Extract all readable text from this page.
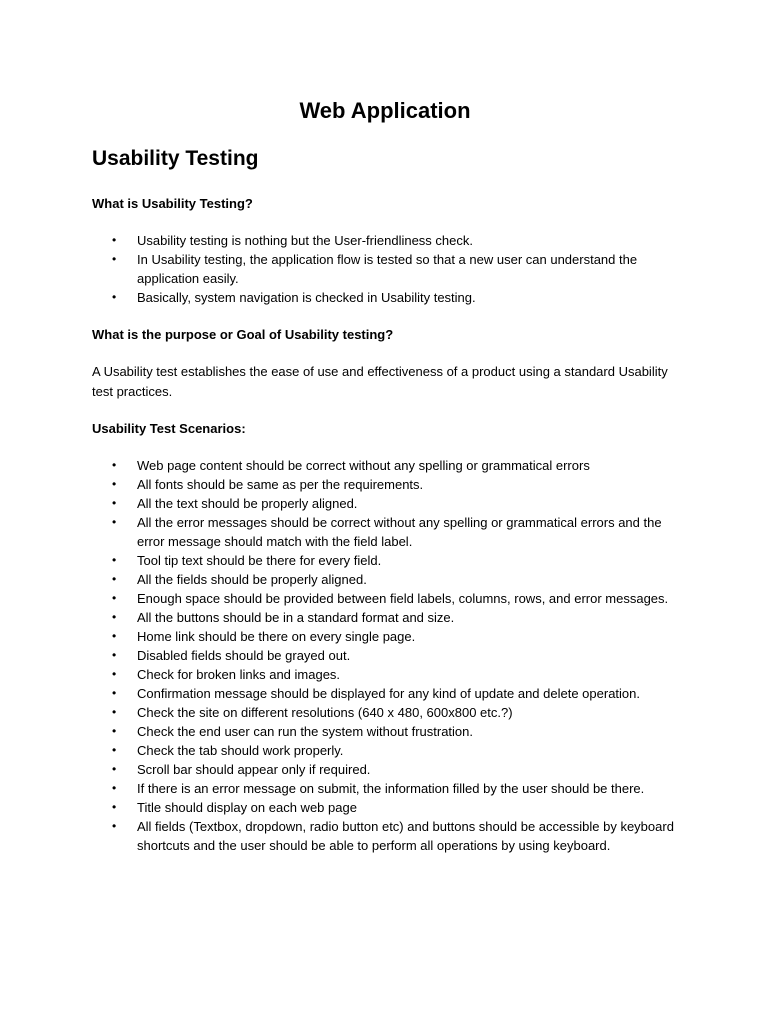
Web Application
Usability Testing
What is Usability Testing?
• Usability testing is nothing but the User-friendliness check.
• In Usability testing, the application flow is tested so that a new user can understand the application easily.
• Basically, system navigation is checked in Usability testing.
What is the purpose or Goal of Usability testing?

A Usability test establishes the ease of use and effectiveness of a product using a standard Usability test practices.

Usability Test Scenarios:
• Web page content should be correct without any spelling or grammatical errors
• All fonts should be same as per the requirements.
• All the text should be properly aligned.
• All the error messages should be correct without any spelling or grammatical errors and the error message should match with the field label.
• Tool tip text should be there for every field.
• All the fields should be properly aligned.
• Enough space should be provided between field labels, columns, rows, and error messages.
• All the buttons should be in a standard format and size.
• Home link should be there on every single page.
• Disabled fields should be grayed out.
• Check for broken links and images.
• Confirmation message should be displayed for any kind of update and delete operation.
• Check the site on different resolutions (640 x 480, 600x800 etc.?)
• Check the end user can run the system without frustration.
• Check the tab should work properly.
• Scroll bar should appear only if required.
• If there is an error message on submit, the information filled by the user should be there.
• Title should display on each web page
• All fields (Textbox, dropdown, radio button etc) and buttons should be accessible by keyboard shortcuts and the user should be able to perform all operations by using keyboard.
